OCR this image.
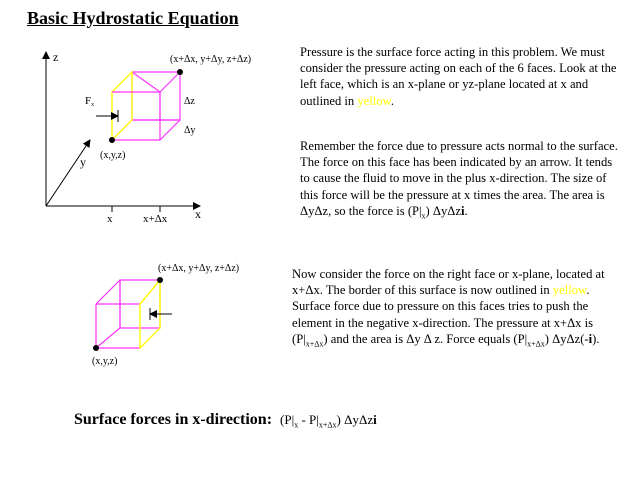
Basic Hydrostatic Equation
z
y
x
(x+Δx, y+Δy, z+Δz)
Δz
Δy
(x,y,z)
Fx
x	x+Δx
(x+Δx, y+Δy, z+Δz)
(x,y,z)

Pressure is the surface force acting in this problem. We must consider the pressure acting on each of the 6 faces. Look at the left face, which is an x-plane or yz-plane located at x and outlined in yellow.

Remember the force due to pressure acts normal to the surface. The force on this face has been indicated by an arrow. It tends to cause the fluid to move in the plus x-direction. The size of this force will be the pressure at x times the area. The area is ΔyΔz, so the force is $(P|_x)$ ΔyΔzi.

Now consider the force on the right face or x-plane, located at x+Δx. The border of this surface is now outlined in yellow. Surface force due to pressure on this faces tries to push the element in the negative x-direction. The pressure at x+Δx is $(P|_{x+\Delta x})$ and the area is Δy Δ z. Force equals $(P|_{x+\Delta x})$ ΔyΔz(-i).

Surface forces in x-direction: $(P|_x - P|_{x+\Delta x})$ ΔyΔzi
